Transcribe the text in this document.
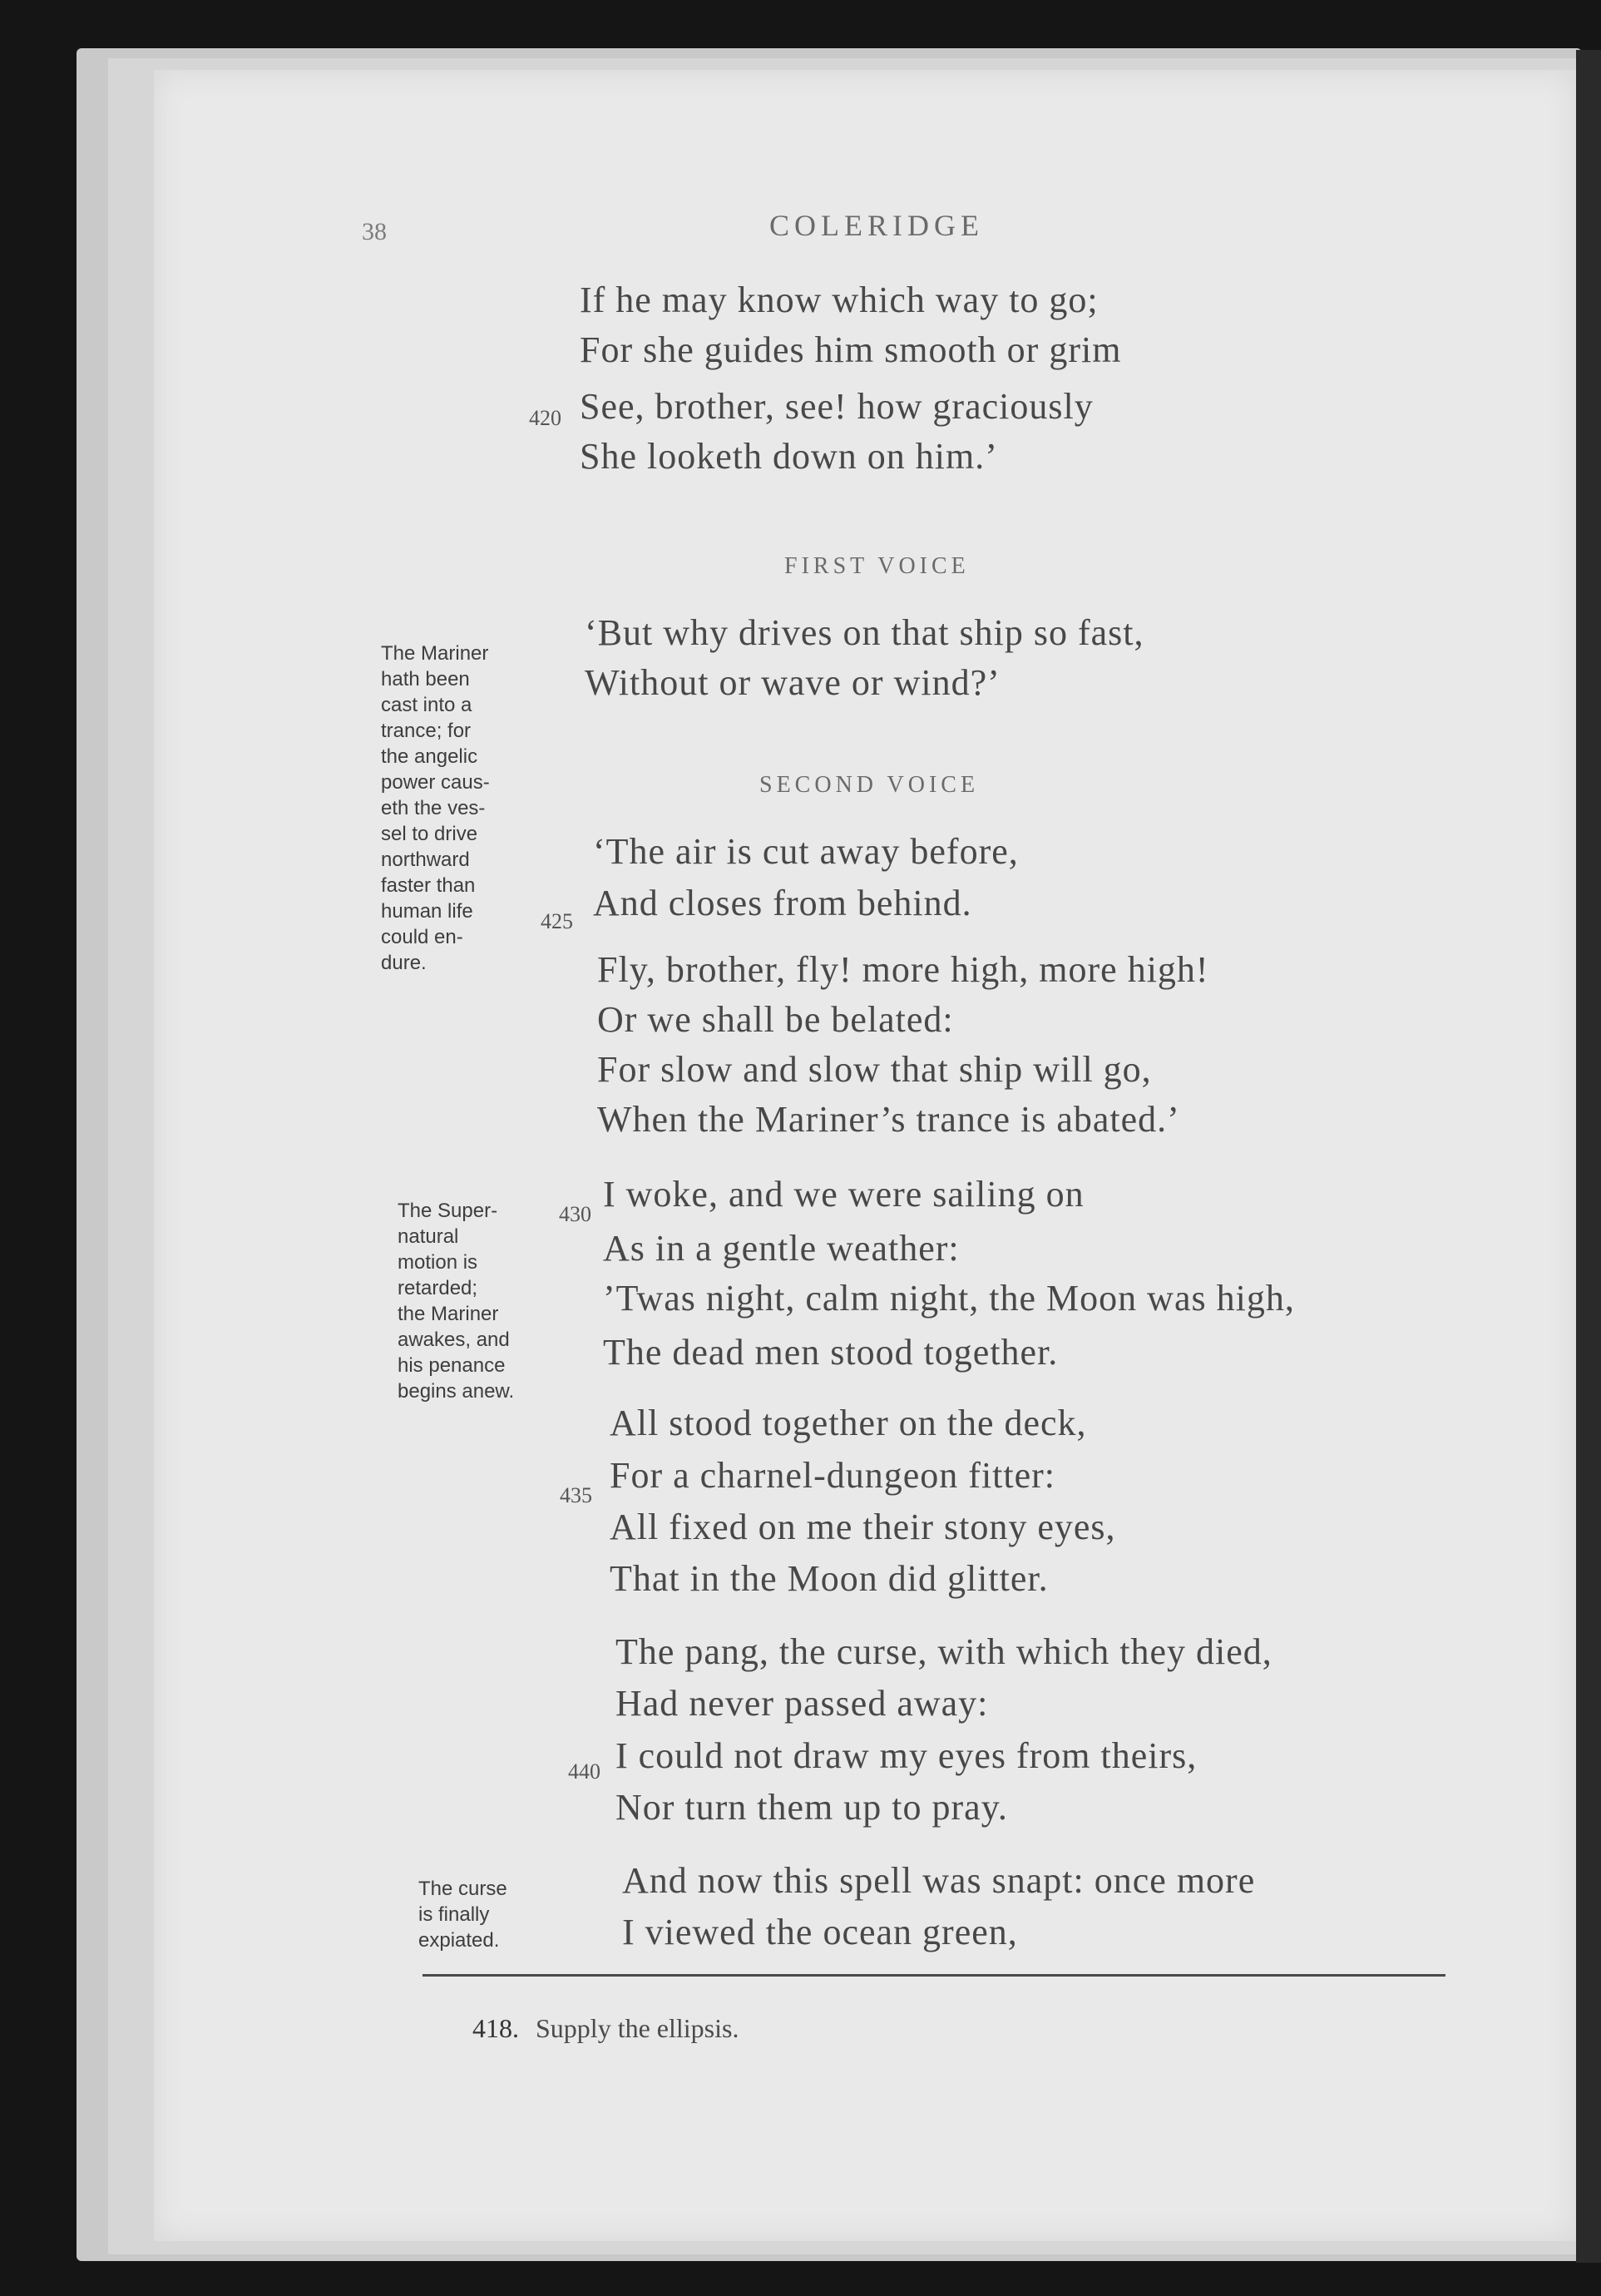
38	COLERIDGE
If he may know which way to go;
For she guides him smooth or grim
420 See, brother, see! how graciously
She looketh down on him.’
FIRST VOICE
‘But why drives on that ship so fast,
Without or wave or wind?’
SECOND VOICE
‘The air is cut away before,
425 And closes from behind.
Fly, brother, fly! more high, more high!
Or we shall be belated:
For slow and slow that ship will go,
When the Mariner’s trance is abated.’
430 I woke, and we were sailing on
As in a gentle weather:
’Twas night, calm night, the Moon was high,
The dead men stood together.
All stood together on the deck,
435 For a charnel-dungeon fitter:
All fixed on me their stony eyes,
That in the Moon did glitter.
The pang, the curse, with which they died,
Had never passed away:
440 I could not draw my eyes from theirs,
Nor turn them up to pray.
And now this spell was snapt: once more
I viewed the ocean green,
The Mariner
hath been
cast into a
trance; for
the angelic
power caus-
eth the ves-
sel to drive
northward
faster than
human life
could en-
dure.
The Super-
natural
motion is
retarded;
the Mariner
awakes, and
his penance
begins anew.
The curse
is finally
expiated.
418. Supply the ellipsis.
